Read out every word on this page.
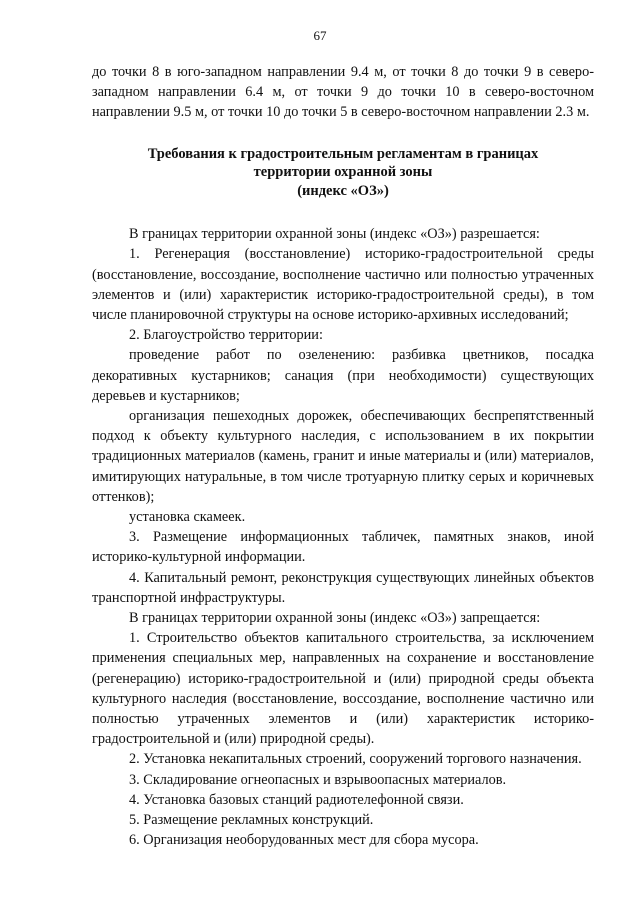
67

до точки 8 в юго-западном направлении 9.4 м, от точки 8 до точки 9 в северо-западном направлении 6.4 м, от точки 9 до точки 10 в северо-восточном направлении 9.5 м, от точки 10 до точки 5 в северо-восточном направлении 2.3 м.

Требования к градостроительным регламентам в границах
территории охранной зоны
(индекс «ОЗ»)

В границах территории охранной зоны (индекс «ОЗ») разрешается:

1. Регенерация (восстановление) историко-градостроительной среды (восстановление, воссоздание, восполнение частично или полностью утраченных элементов и (или) характеристик историко-градостроительной среды), в том числе планировочной структуры на основе историко-архивных исследований;

2. Благоустройство территории:

проведение работ по озеленению: разбивка цветников, посадка декоративных кустарников; санация (при необходимости) существующих деревьев и кустарников;

организация пешеходных дорожек, обеспечивающих беспрепятственный подход к объекту культурного наследия, с использованием в их покрытии традиционных материалов (камень, гранит и иные материалы и (или) материалов, имитирующих натуральные, в том числе тротуарную плитку серых и коричневых оттенков);

установка скамеек.

3. Размещение информационных табличек, памятных знаков, иной историко-культурной информации.

4. Капитальный ремонт, реконструкция существующих линейных объектов транспортной инфраструктуры.

В границах территории охранной зоны (индекс «ОЗ») запрещается:

1. Строительство объектов капитального строительства, за исключением применения специальных мер, направленных на сохранение и восстановление (регенерацию) историко-градостроительной и (или) природной среды объекта культурного наследия (восстановление, воссоздание, восполнение частично или полностью утраченных элементов и (или) характеристик историко-градостроительной и (или) природной среды).

2. Установка некапитальных строений, сооружений торгового назначения.

3. Складирование огнеопасных и взрывоопасных материалов.

4. Установка базовых станций радиотелефонной связи.

5. Размещение рекламных конструкций.

6. Организация необорудованных мест для сбора мусора.
